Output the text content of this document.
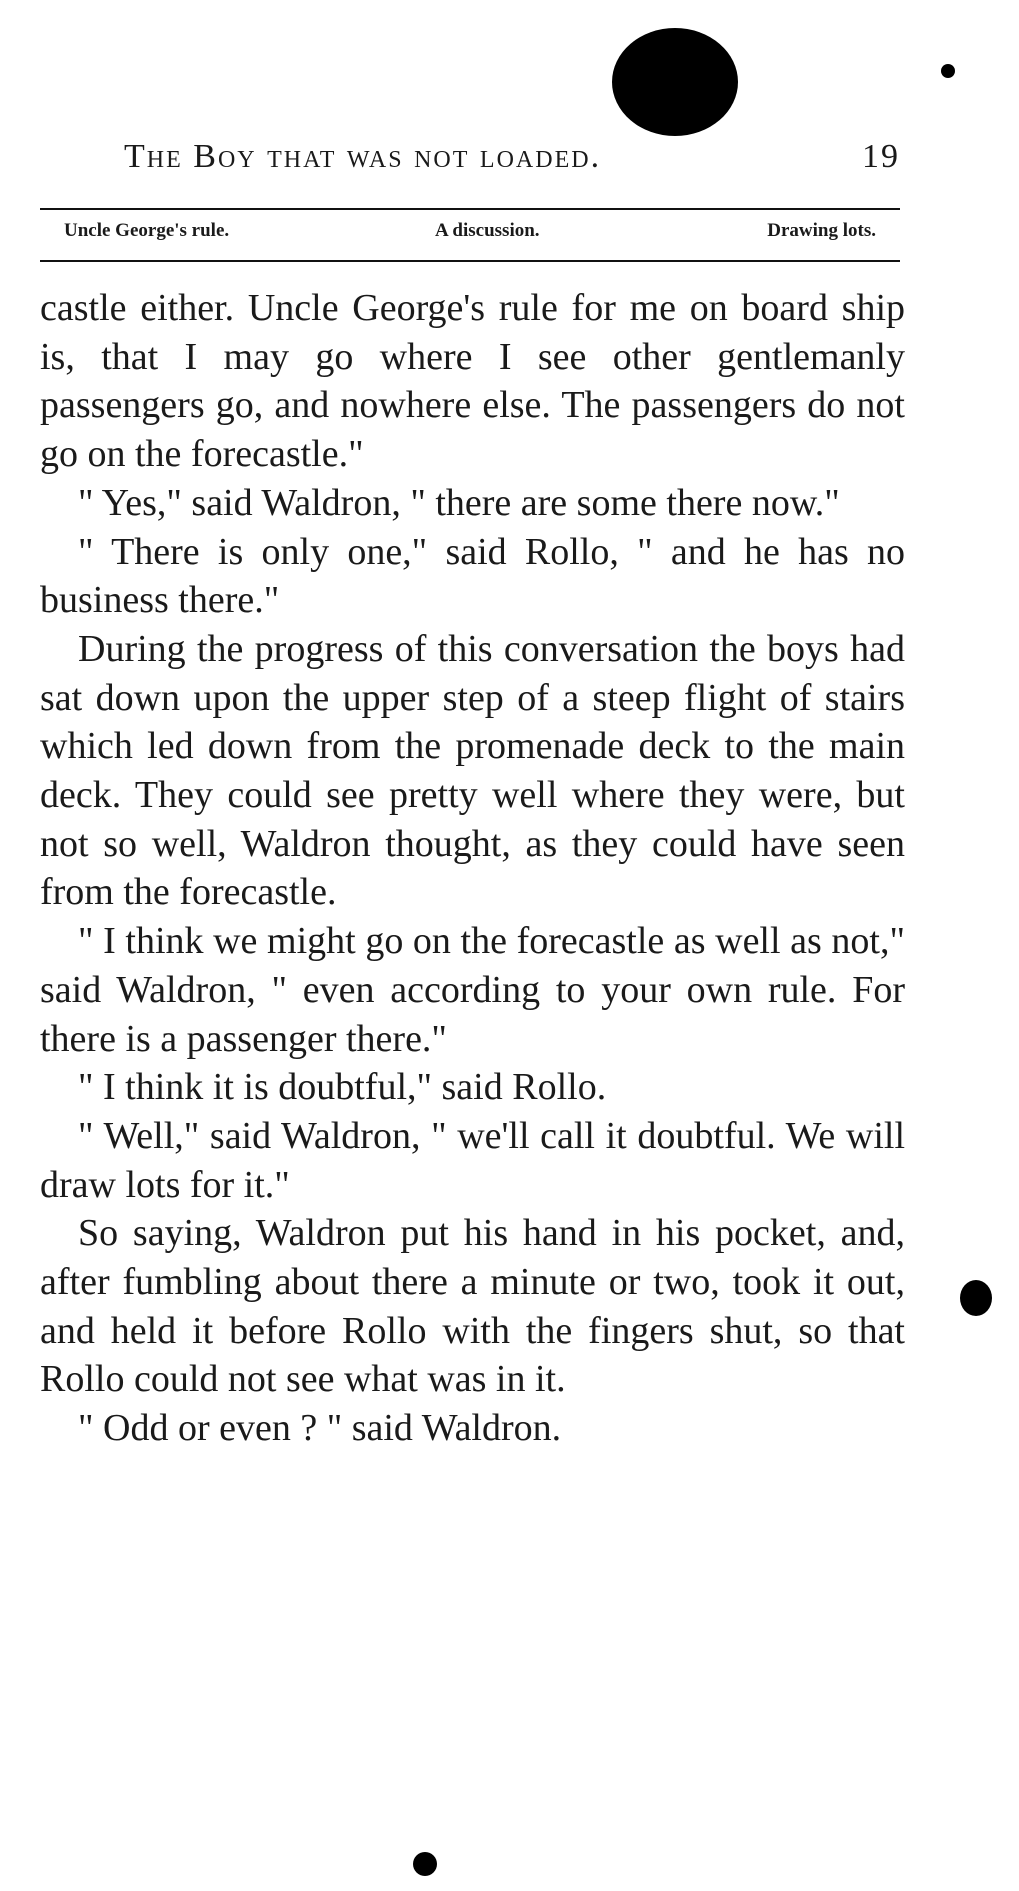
The Boy that was not loaded.	19
Uncle George's rule.	A discussion.	Drawing lots.

castle either. Uncle George's rule for me on board ship is, that I may go where I see other gentlemanly passengers go, and nowhere else. The passengers do not go on the forecastle."

" Yes," said Waldron, " there are some there now."

" There is only one," said Rollo, " and he has no business there."

During the progress of this conversation the boys had sat down upon the upper step of a steep flight of stairs which led down from the promenade deck to the main deck. They could see pretty well where they were, but not so well, Waldron thought, as they could have seen from the forecastle.

" I think we might go on the forecastle as well as not," said Waldron, " even according to your own rule. For there is a passenger there."

" I think it is doubtful," said Rollo.

" Well," said Waldron, " we'll call it doubtful. We will draw lots for it."

So saying, Waldron put his hand in his pocket, and, after fumbling about there a minute or two, took it out, and held it before Rollo with the fingers shut, so that Rollo could not see what was in it.

" Odd or even ? " said Waldron.
